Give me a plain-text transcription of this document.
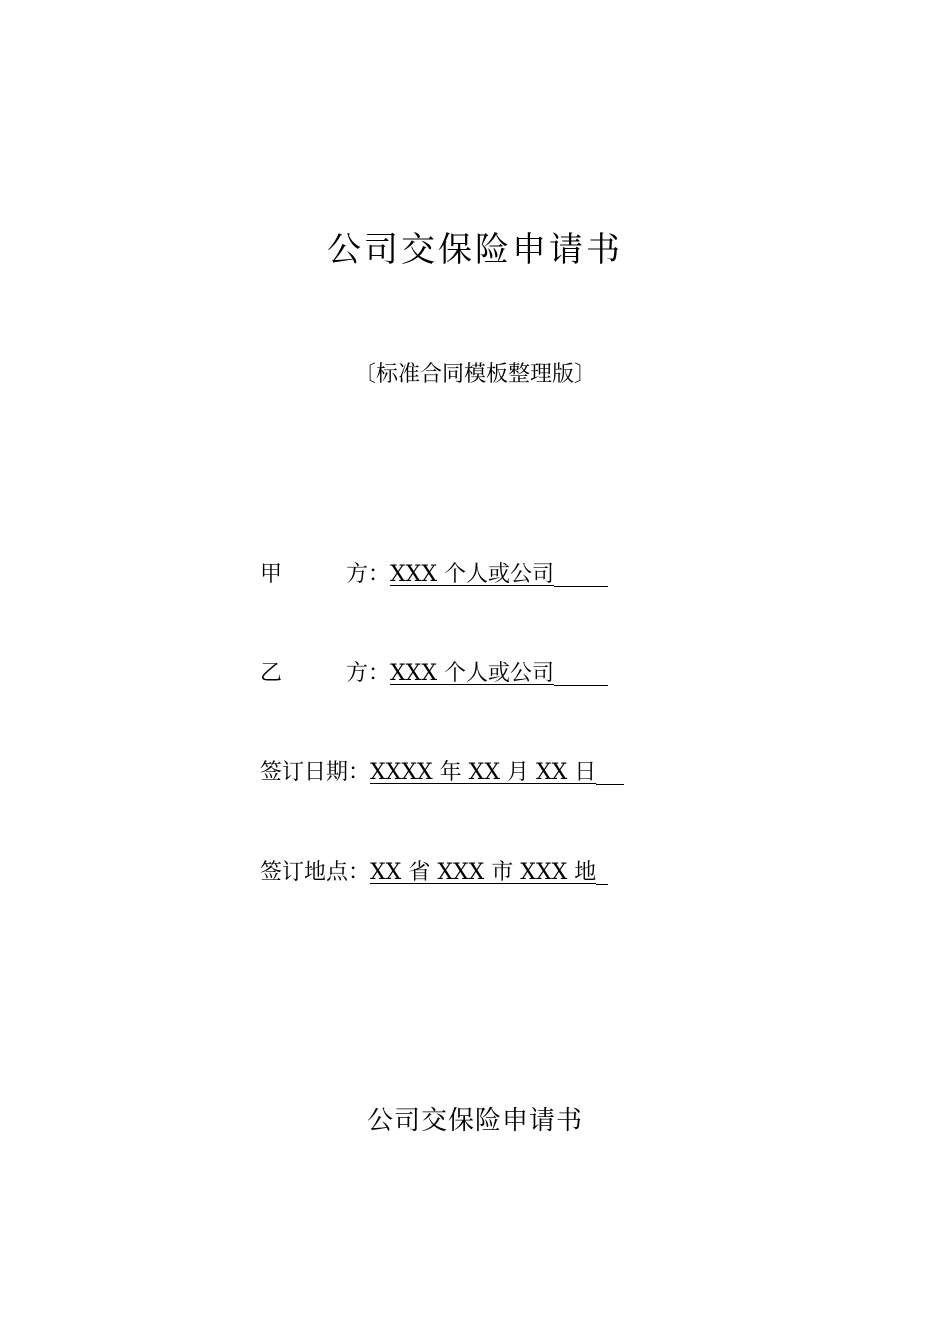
公司交保险申请书
〔标准合同模板整理版〕
甲	方 ：XXX 个人或公司
乙	方 ：XXX 个人或公司
签订日期：XXXX 年 XX 月 XX 日
签订地点：XX 省 XXX 市 XXX 地
公司交保险申请书
